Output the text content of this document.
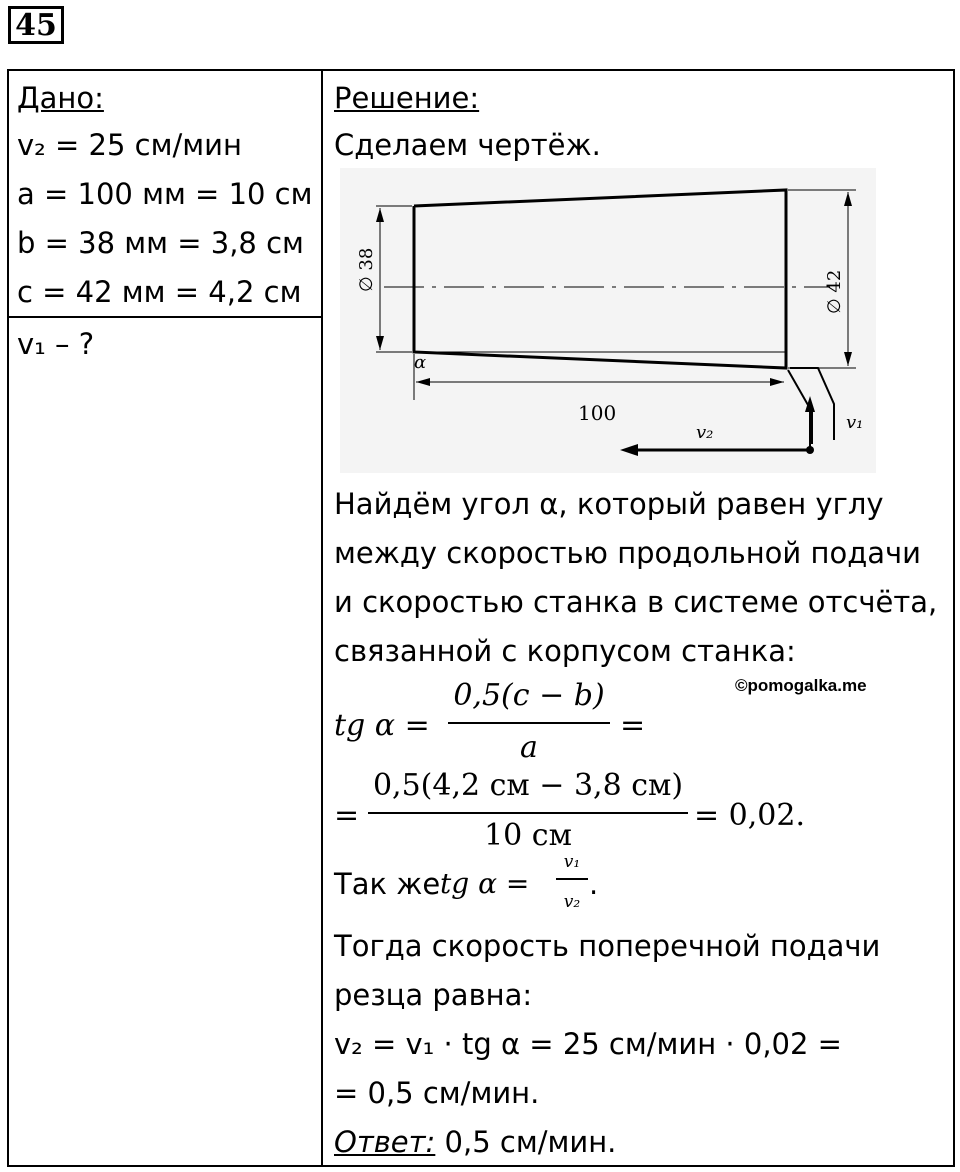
45
Дано:
v₂ = 25 см/мин
a = 100 мм = 10 см
b = 38 мм = 3,8 см
c = 42 мм = 4,2 см
v₁ – ?
Решение:
Сделаем чертёж.
∅ 38	∅ 42
α
100	v₁
v₂
Найдём угол α, который равен углу
между скоростью продольной подачи
и скоростью станка в системе отсчёта,
связанной с корпусом станка:
©pomogalka.me
tg α =
0,5(c − b)
a
=
=
0,5(4,2 см − 3,8 см)
10 см
= 0,02.
Так же tg α =
v₁
v₂
.
Тогда скорость поперечной подачи
резца равна:
v₂ = v₁ · tg α = 25 см/мин · 0,02 =
= 0,5 см/мин.
Ответ: 0,5 см/мин.
